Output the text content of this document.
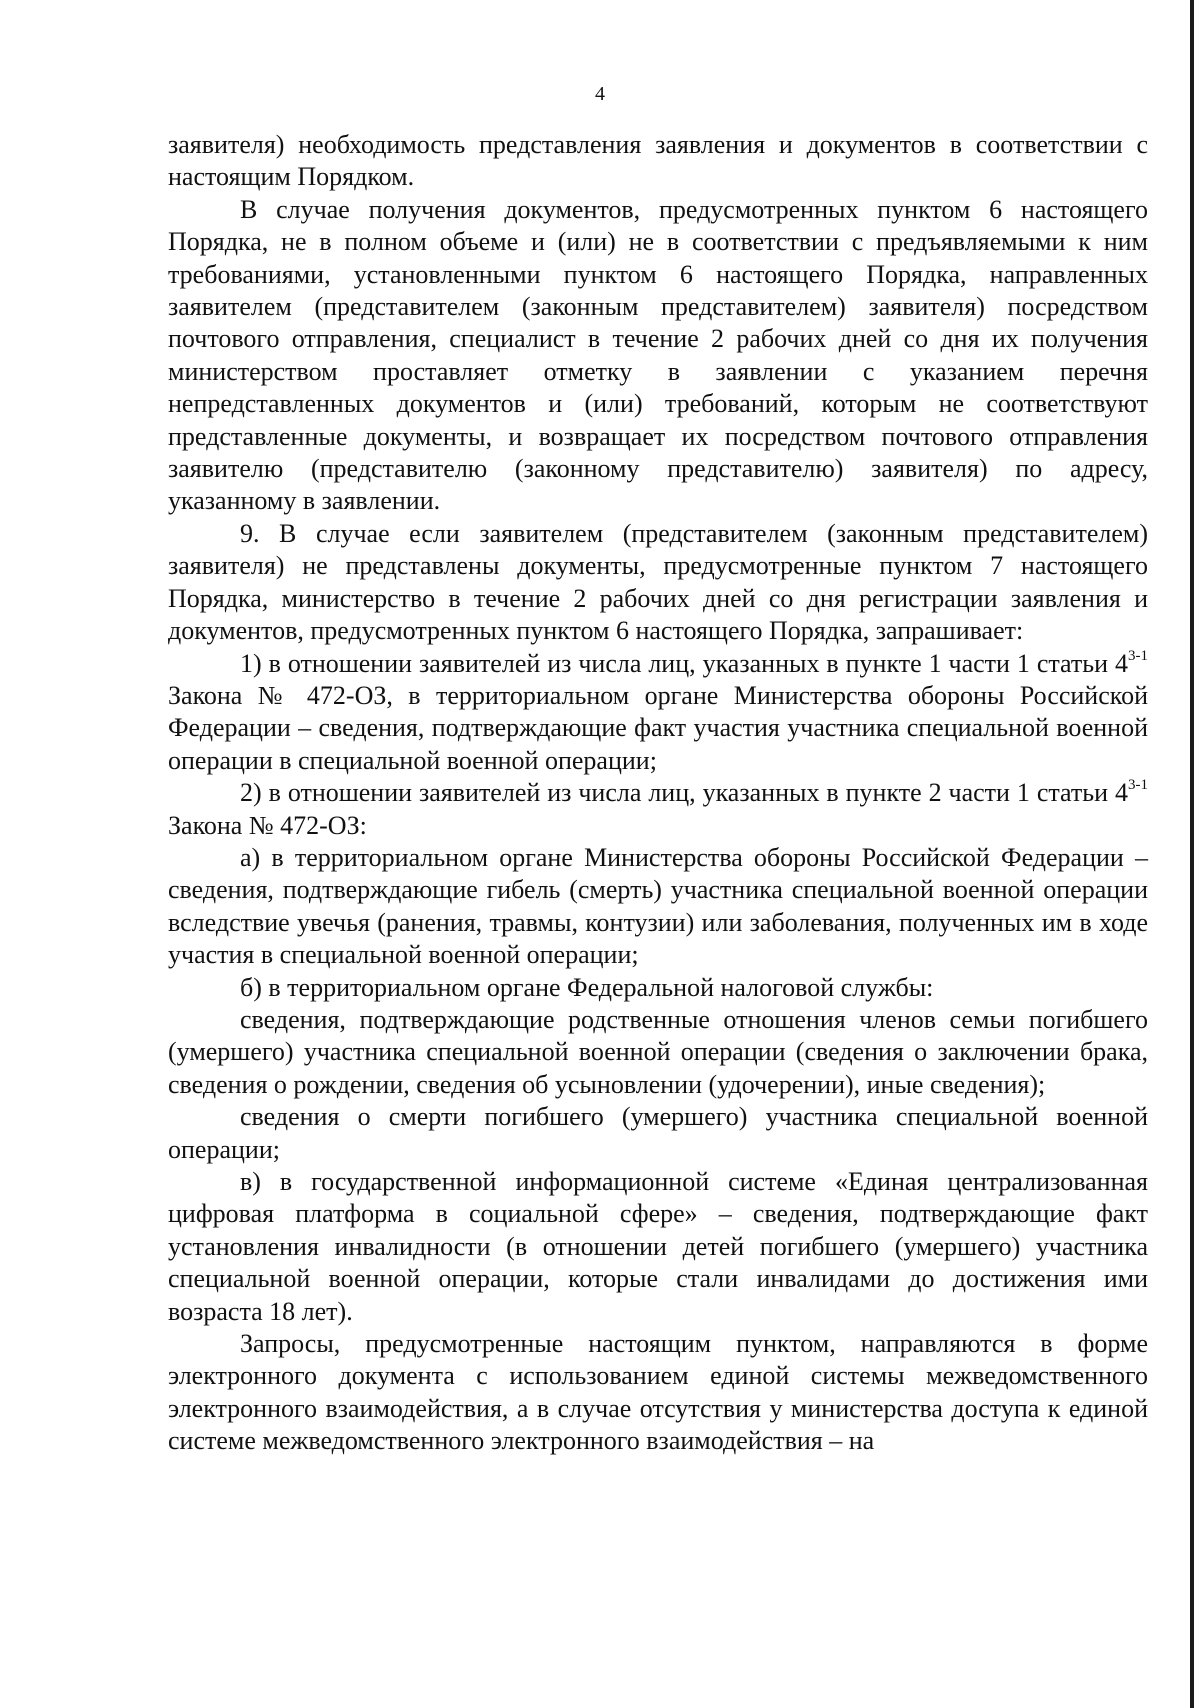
4

заявителя) необходимость представления заявления и документов в соответствии с настоящим Порядком.

В случае получения документов, предусмотренных пунктом 6 настоящего Порядка, не в полном объеме и (или) не в соответствии с предъявляемыми к ним требованиями, установленными пунктом 6 настоящего Порядка, направленных заявителем (представителем (законным представителем) заявителя) посредством почтового отправления, специалист в течение 2 рабочих дней со дня их получения министерством проставляет отметку в заявлении с указанием перечня непредставленных документов и (или) требований, которым не соответствуют представленные документы, и возвращает их посредством почтового отправления заявителю (представителю (законному представителю) заявителя) по адресу, указанному в заявлении.

9. В случае если заявителем (представителем (законным представителем) заявителя) не представлены документы, предусмотренные пунктом 7 настоящего Порядка, министерство в течение 2 рабочих дней со дня регистрации заявления и документов, предусмотренных пунктом 6 настоящего Порядка, запрашивает:

1) в отношении заявителей из числа лиц, указанных в пункте 1 части 1 статьи 4$^{3-1}$ Закона № 472-ОЗ, в территориальном органе Министерства обороны Российской Федерации – сведения, подтверждающие факт участия участника специальной военной операции в специальной военной операции;

2) в отношении заявителей из числа лиц, указанных в пункте 2 части 1 статьи 4$^{3-1}$ Закона № 472-ОЗ:

а) в территориальном органе Министерства обороны Российской Федерации – сведения, подтверждающие гибель (смерть) участника специальной военной операции вследствие увечья (ранения, травмы, контузии) или заболевания, полученных им в ходе участия в специальной военной операции;

б) в территориальном органе Федеральной налоговой службы:

сведения, подтверждающие родственные отношения членов семьи погибшего (умершего) участника специальной военной операции (сведения о заключении брака, сведения о рождении, сведения об усыновлении (удочерении), иные сведения);

сведения о смерти погибшего (умершего) участника специальной военной операции;

в) в государственной информационной системе «Единая централизованная цифровая платформа в социальной сфере» – сведения, подтверждающие факт установления инвалидности (в отношении детей погибшего (умершего) участника специальной военной операции, которые стали инвалидами до достижения ими возраста 18 лет).

Запросы, предусмотренные настоящим пунктом, направляются в форме электронного документа с использованием единой системы межведомственного электронного взаимодействия, а в случае отсутствия у министерства доступа к единой системе межведомственного электронного взаимодействия – на
